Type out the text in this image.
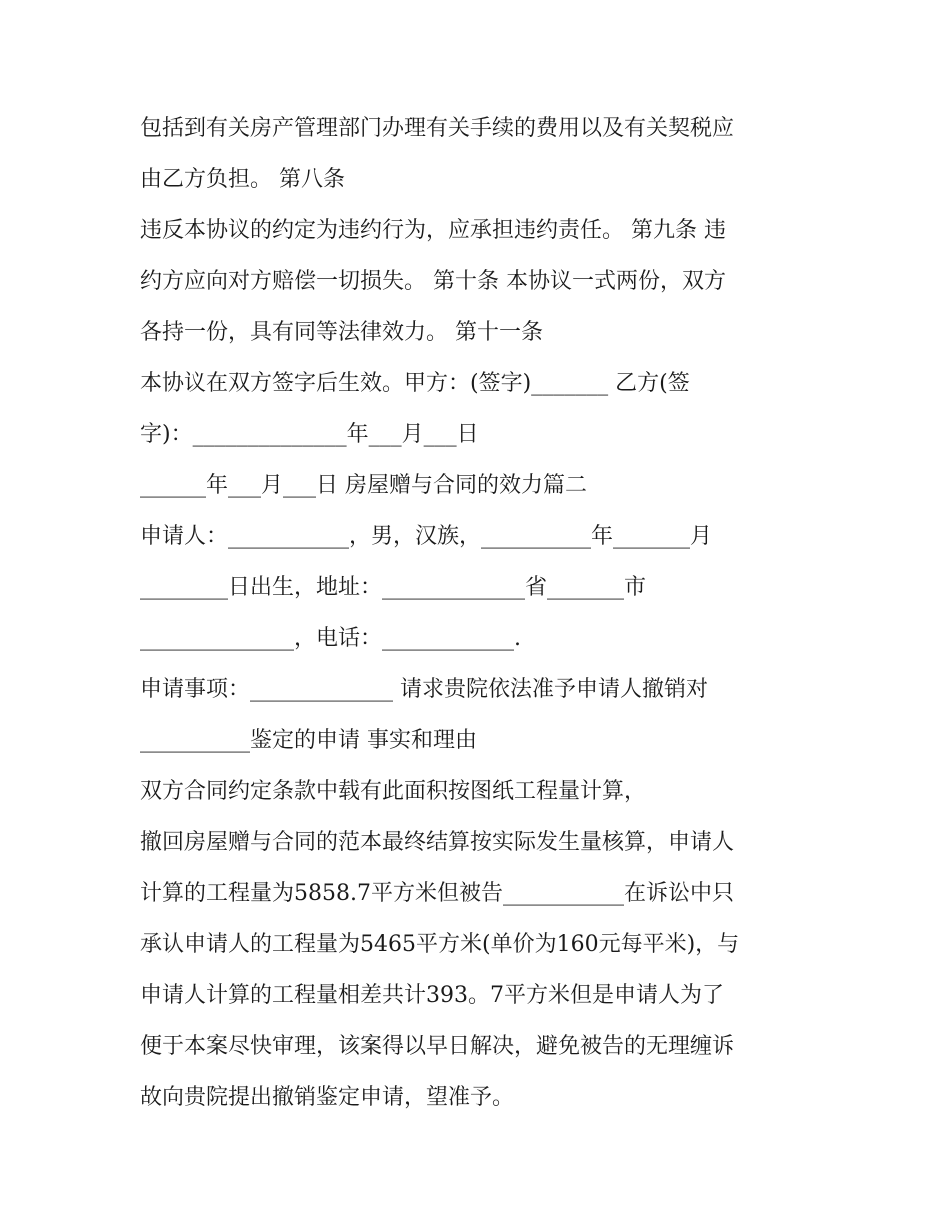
包括到有关房产管理部门办理有关手续的费用以及有关契税应
由乙方负担。 第八条
违反本协议的约定为违约行为，应承担违约责任。 第九条 违
约方应向对方赔偿一切损失。 第十条 本协议一式两份，双方
各持一份，具有同等法律效力。 第十一条
本协议在双方签字后生效。甲方：(签字)_______ 乙方(签
字)：______________年___月___日
______年___月___日 房屋赠与合同的效力篇二
申请人：___________，男，汉族，__________年_______月
________日出生，地址：_____________省_______市
______________，电话：____________.
申请事项：_____________ 请求贵院依法准予申请人撤销对
__________鉴定的申请 事实和理由
双方合同约定条款中载有此面积按图纸工程量计算，
撤回房屋赠与合同的范本最终结算按实际发生量核算，申请人
计算的工程量为5858.7平方米但被告___________在诉讼中只
承认申请人的工程量为5465平方米(单价为160元每平米)，与
申请人计算的工程量相差共计393。7平方米但是申请人为了
便于本案尽快审理，该案得以早日解决，避免被告的无理缠诉
故向贵院提出撤销鉴定申请，望准予。
